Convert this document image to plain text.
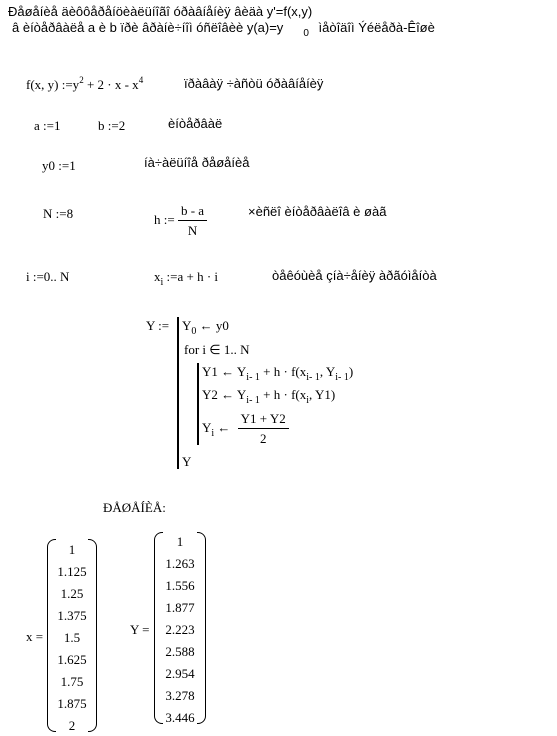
Ðåøåíèå äèôôåðåíöèàëüíîãî óðàâíåíèÿ âèäà y'=f(x,y)
â èíòåðâàëå a è b ïðè âðàíè÷íîì óñëîâèè y(a)=y $_0$ ìåòîäîì Ýéëåðà-Êîøè
f(x, y) $:=y^2 + 2 \cdot x - x^4$	ïðàâàÿ ÷àñòü óðàâíåíèÿ
a :=1	b :=2	èíòåðâàë
y0 :=1	íà÷àëüíîå ðåøåíèå
N :=8	h := $\frac{b - a}{N}$	×èñëî èíòåðâàëîâ è øàã
i :=0.. N	$x_i$ :=a + h · i	òåêóùèå çíà÷åíèÿ àðãóìåíòà
Y := $Y_0$ ← y0
for i ∈ 1.. N
Y1 ← $Y_{i- 1} + h \cdot f(x_{i- 1}$, $Y_{i- 1}$)
Y2 ← $Y_{i- 1} + h \cdot f(x_i$, Y1)
$Y_i$ ← $\frac{Y1 + Y2}{2}$
Y
ÐÅØÅÍÈÅ:
x =
1
1.125
1.25
1.375
1.5
1.625
1.75
1.875
2
Y =
1
1.263
1.556
1.877
2.223
2.588
2.954
3.278
3.446
